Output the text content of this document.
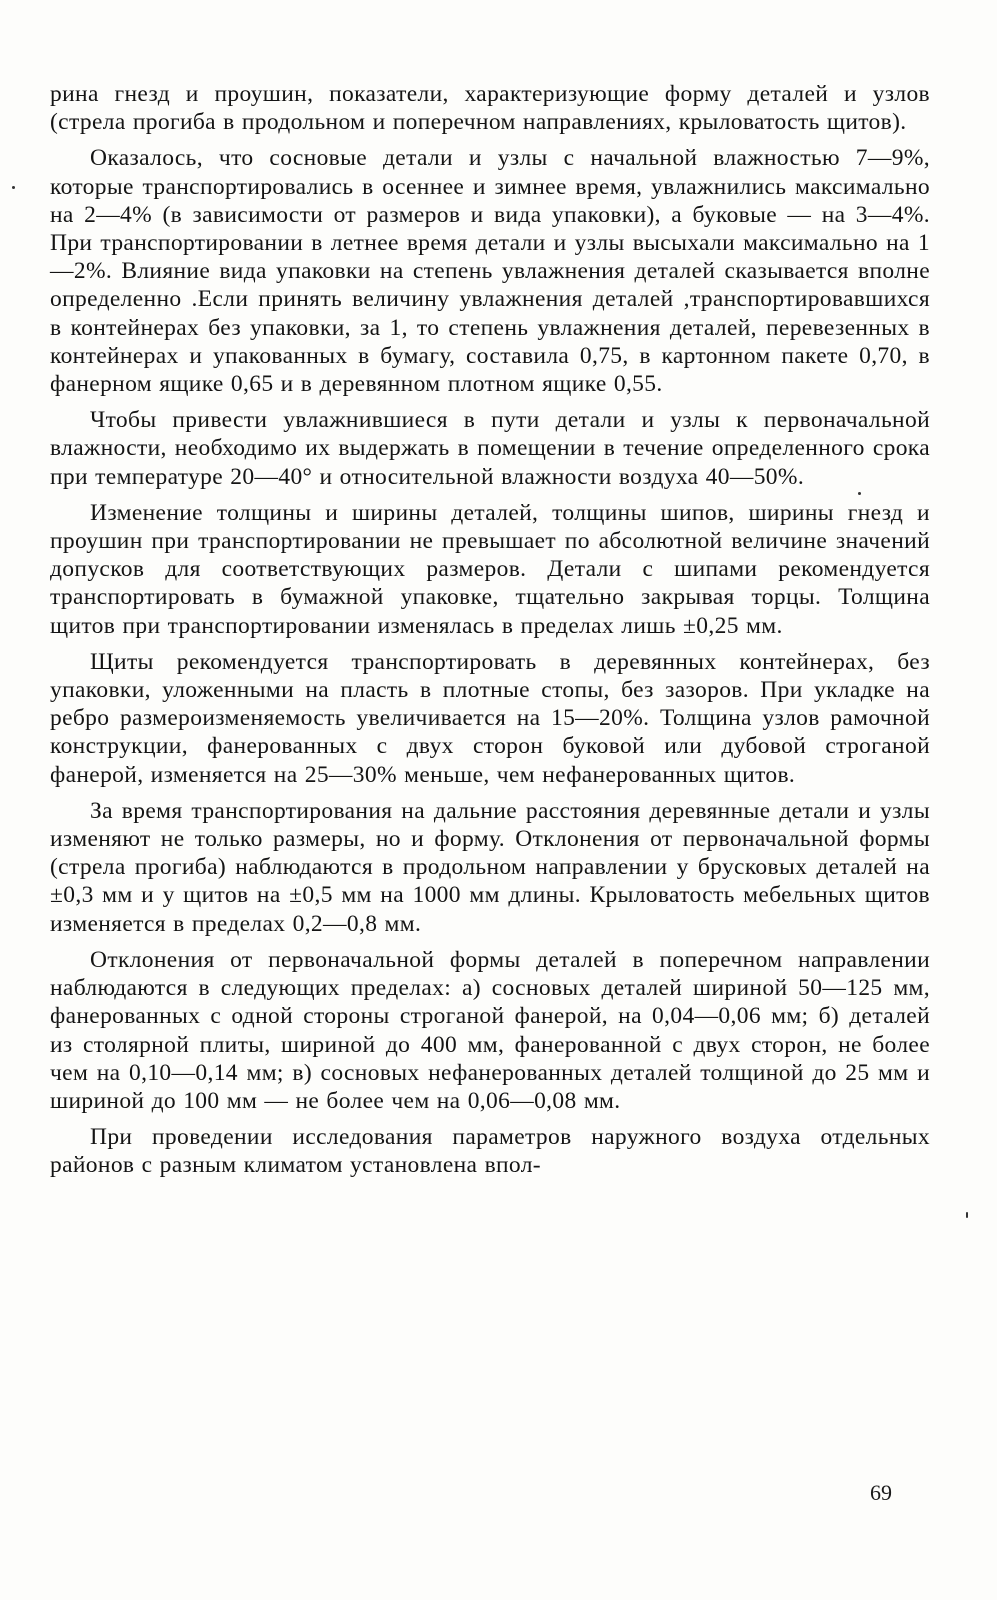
рина гнезд и проушин, показатели, характеризующие форму деталей и узлов (стрела прогиба в продольном и поперечном направлениях, крыловатость щитов).

Оказалось, что сосновые детали и узлы с начальной влажностью 7—9%, которые транспортировались в осеннее и зимнее время, увлажнились максимально на 2—4% (в зависимости от размеров и вида упаковки), а буковые — на 3—4%. При транспортировании в летнее время детали и узлы высыхали максимально на 1—2%. Влияние вида упаковки на степень увлажнения деталей сказывается вполне определенно .Если принять величину увлажнения деталей ,транспортировавшихся в контейнерах без упаковки, за 1, то степень увлажнения деталей, перевезенных в контейнерах и упакованных в бумагу, составила 0,75, в картонном пакете 0,70, в фанерном ящике 0,65 и в деревянном плотном ящике 0,55.

Чтобы привести увлажнившиеся в пути детали и узлы к первоначальной влажности, необходимо их выдержать в помещении в течение определенного срока при температуре 20—40° и относительной влажности воздуха 40—50%.

Изменение толщины и ширины деталей, толщины шипов, ширины гнезд и проушин при транспортировании не превышает по абсолютной величине значений допусков для соответствующих размеров. Детали с шипами рекомендуется транспортировать в бумажной упаковке, тщательно закрывая торцы. Толщина щитов при транспортировании изменялась в пределах лишь ±0,25 мм.

Щиты рекомендуется транспортировать в деревянных контейнерах, без упаковки, уложенными на пласть в плотные стопы, без зазоров. При укладке на ребро размероизменяемость увеличивается на 15—20%. Толщина узлов рамочной конструкции, фанерованных с двух сторон буковой или дубовой строганой фанерой, изменяется на 25—30% меньше, чем нефанерованных щитов.

За время транспортирования на дальние расстояния деревянные детали и узлы изменяют не только размеры, но и форму. Отклонения от первоначальной формы (стрела прогиба) наблюдаются в продольном направлении у брусковых деталей на ±0,3 мм и у щитов на ±0,5 мм на 1000 мм длины. Крыловатость мебельных щитов изменяется в пределах 0,2—0,8 мм.

Отклонения от первоначальной формы деталей в поперечном направлении наблюдаются в следующих пределах: а) сосновых деталей шириной 50—125 мм, фанерованных с одной стороны строганой фанерой, на 0,04—0,06 мм; б) деталей из столярной плиты, шириной до 400 мм, фанерованной с двух сторон, не более чем на 0,10—0,14 мм; в) сосновых нефанерованных деталей толщиной до 25 мм и шириной до 100 мм — не более чем на 0,06—0,08 мм.

При проведении исследования параметров наружного воздуха отдельных районов с разным климатом установлена впол-

69
